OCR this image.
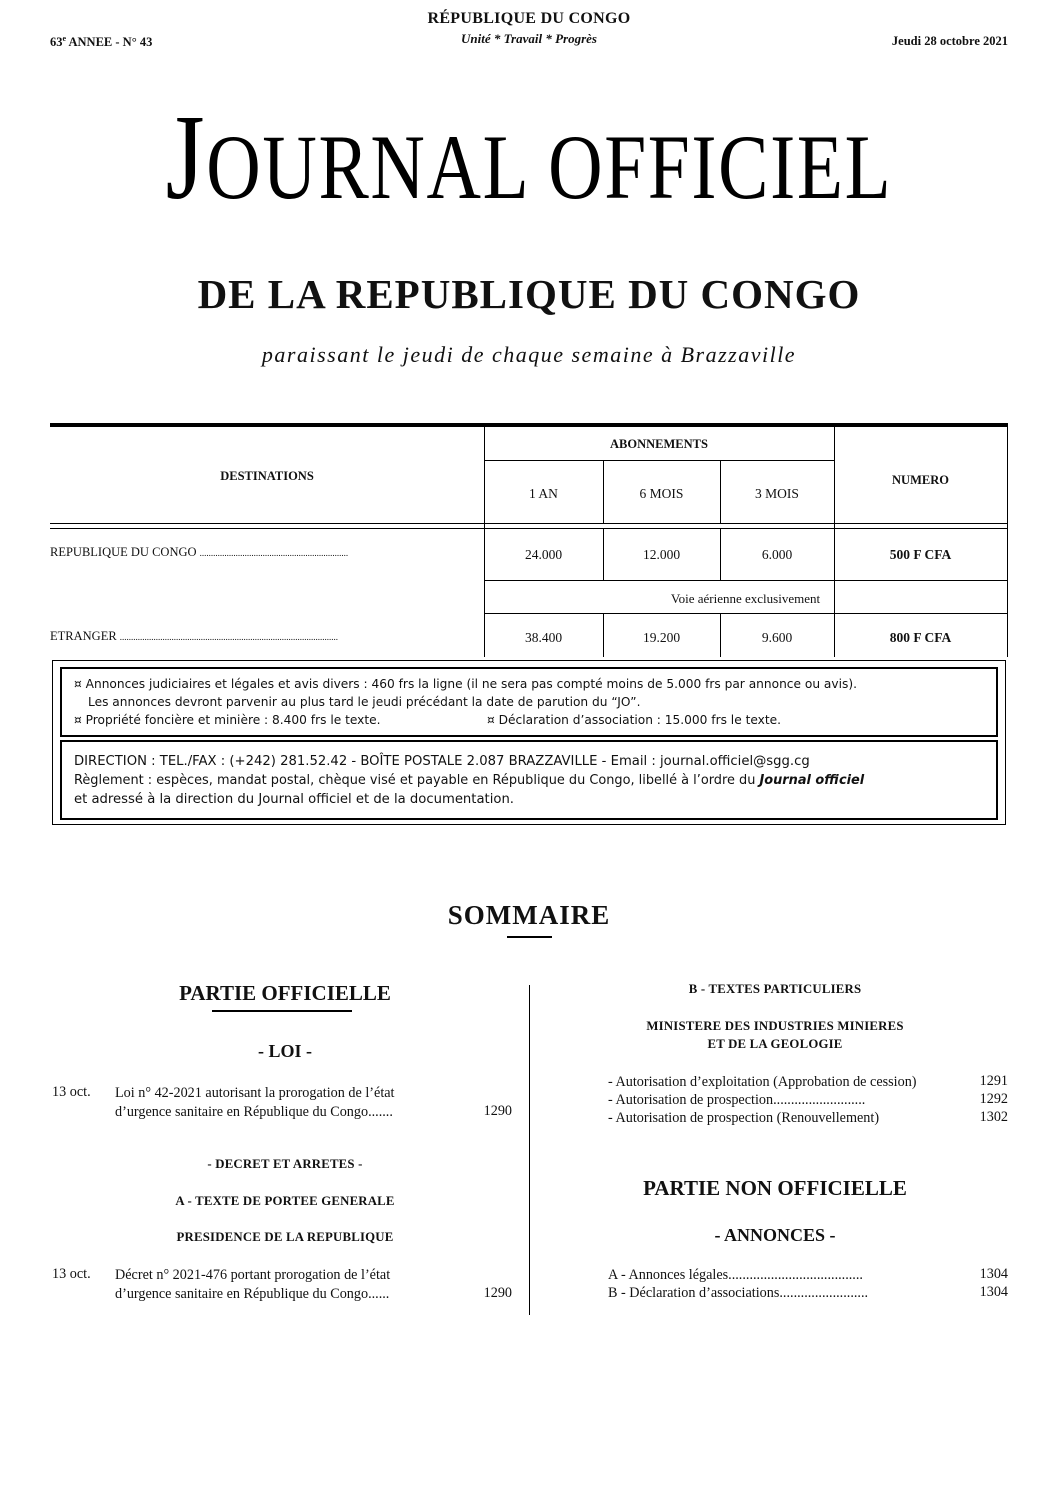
63e ANNEE - N° 43
RÉPUBLIQUE DU CONGO
Unité * Travail * Progrès	Jeudi 28 octobre 2021
JOURNAL OFFICIEL
DE LA REPUBLIQUE DU CONGO
paraissant le jeudi de chaque semaine à Brazzaville
DESTINATIONS
ABONNEMENTS
NUMERO
1 AN	6 MOIS	3 MOIS
REPUBLIQUE DU CONGO ..................................................................	24.000	12.000	6.000	500 F CFA
Voie aérienne exclusivement
ETRANGER .................................................................................................	38.400	19.200	9.600	800 F CFA
¤ Annonces judiciaires et légales et avis divers : 460 frs la ligne (il ne sera pas compté moins de 5.000 frs par annonce ou avis).
Les annonces devront parvenir au plus tard le jeudi précédant la date de parution du “JO”.
¤ Propriété foncière et minière : 8.400 frs le texte.	¤ Déclaration d’association : 15.000 frs le texte.
DIRECTION : TEL./FAX : (+242) 281.52.42 - BOÎTE POSTALE 2.087 BRAZZAVILLE - Email : journal.officiel@sgg.cg
Règlement : espèces, mandat postal, chèque visé et payable en République du Congo, libellé à l’ordre du Journal officiel
et adressé à la direction du Journal officiel et de la documentation.
SOMMAIRE
PARTIE OFFICIELLE
- LOI -
13 oct. Loi n° 42-2021 autorisant la prorogation de l’état
d’urgence sanitaire en République du Congo.......	1290
- DECRET ET ARRETES -
A - TEXTE DE PORTEE GENERALE
PRESIDENCE DE LA REPUBLIQUE
13 oct. Décret n° 2021-476 portant prorogation de l’état
d’urgence sanitaire en République du Congo......	1290
B - TEXTES PARTICULIERS
MINISTERE DES INDUSTRIES MINIERES
ET DE LA GEOLOGIE
- Autorisation d’exploitation (Approbation de cession)	1291
- Autorisation de prospection..........................	1292
- Autorisation de prospection (Renouvellement)	1302
PARTIE NON OFFICIELLE
- ANNONCES -
A - Annonces légales......................................	1304
B - Déclaration d’associations.........................	1304
